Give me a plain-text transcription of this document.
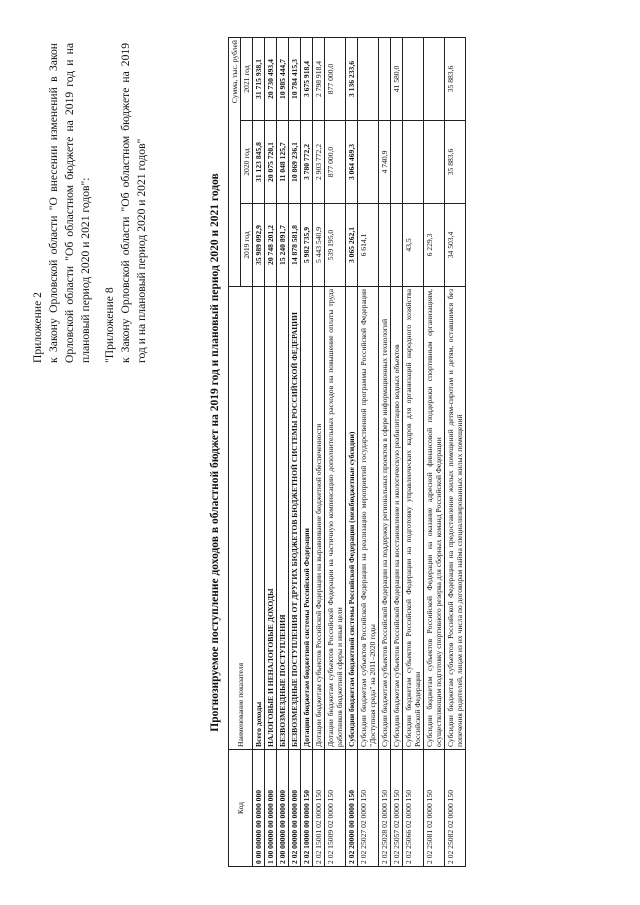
Приложение 2 к Закону Орловской области "О внесении изменений в Закон Орловской области "Об областном бюджете на 2019 год и на плановый период 2020 и 2021 годов": "Приложение 8 к Закону Орловской области "Об областном бюджете на 2019 год и на плановый период 2020 и 2021 годов"	Прогнозируемое поступление доходов в областной бюджет на 2019 год и плановый период 2020 и 2021 годов
Код	Наименование показателя	Сумма, тыс. рублей		
		2019 год	2020 год	2021 год
0 00 00000 00 0000 000	Всего доходы	35 989 092,9	31 123 845,8	31 715 938,1
1 00 00000 00 0000 000	НАЛОГОВЫЕ И НЕНАЛОГОВЫЕ ДОХОДЫ	20 748 201,2	20 075 720,1	20 730 493,4
2 00 00000 00 0000 000	БЕЗВОЗМЕЗДНЫЕ ПОСТУПЛЕНИЯ	15 240 891,7	11 048 125,7	10 985 444,7
2 02 00000 00 0000 000	БЕЗВОЗМЕЗДНЫЕ ПОСТУПЛЕНИЯ ОТ ДРУГИХ БЮДЖЕТОВ БЮДЖЕТНОЙ СИСТЕМЫ РОССИЙСКОЙ ФЕДЕРАЦИИ	14 878 581,8	10 869 236,1	10 784 415,3
2 02 10000 00 0000 150	Дотации бюджетам бюджетной системы Российской Федерации	5 982 735,9	3 780 772,2	3 675 918,4
2 02 15001 02 0000 150	Дотации бюджетам субъектов Российской Федерации на выравнивание бюджетной обеспеченности	5 443 540,9	2 903 772,2	2 798 918,4
2 02 15009 02 0000 150	Дотации бюджетам субъектов Российской Федерации на частичную компенсацию дополнительных расходов на повышение оплаты труда работников бюджетной сферы и иные цели	539 195,0	877 000,0	877 000,0
2 02 20000 00 0000 150	Субсидии бюджетам бюджетной системы Российской Федерации (межбюджетные субсидии)	3 065 262,1	3 064 469,3	3 136 233,6
2 02 25027 02 0000 150	Субсидии бюджетам субъектов Российской Федерации на реализацию мероприятий государственной программы Российской Федерации "Доступная среда" на 2011–2020 годы	6 614,1		
2 02 25028 02 0000 150	Субсидии бюджетам субъектов Российской Федерации на поддержку региональных проектов в сфере информационных технологий		4 740,9	
2 02 25057 02 0000 150	Субсидии бюджетам субъектов Российской Федерации на восстановление и экологическую реабилитацию водных объектов			41 580,0
2 02 25066 02 0000 150	Субсидии бюджетам субъектов Российской Федерации на подготовку управленческих кадров для организаций народного хозяйства Российской Федерации	43,5		
2 02 25081 02 0000 150	Субсидии бюджетам субъектов Российской Федерации на оказание адресной финансовой поддержки спортивным организациям, осуществляющим подготовку спортивного резерва для сборных команд Российской Федерации	6 229,3		
2 02 25082 02 0000 150	Субсидии бюджетам субъектов Российской Федерации на предоставление жилых помещений детям-сиротам и детям, оставшимся без попечения родителей, лицам из их числа по договорам найма специализированных жилых помещений	34 503,4	35 883,6	35 883,6
